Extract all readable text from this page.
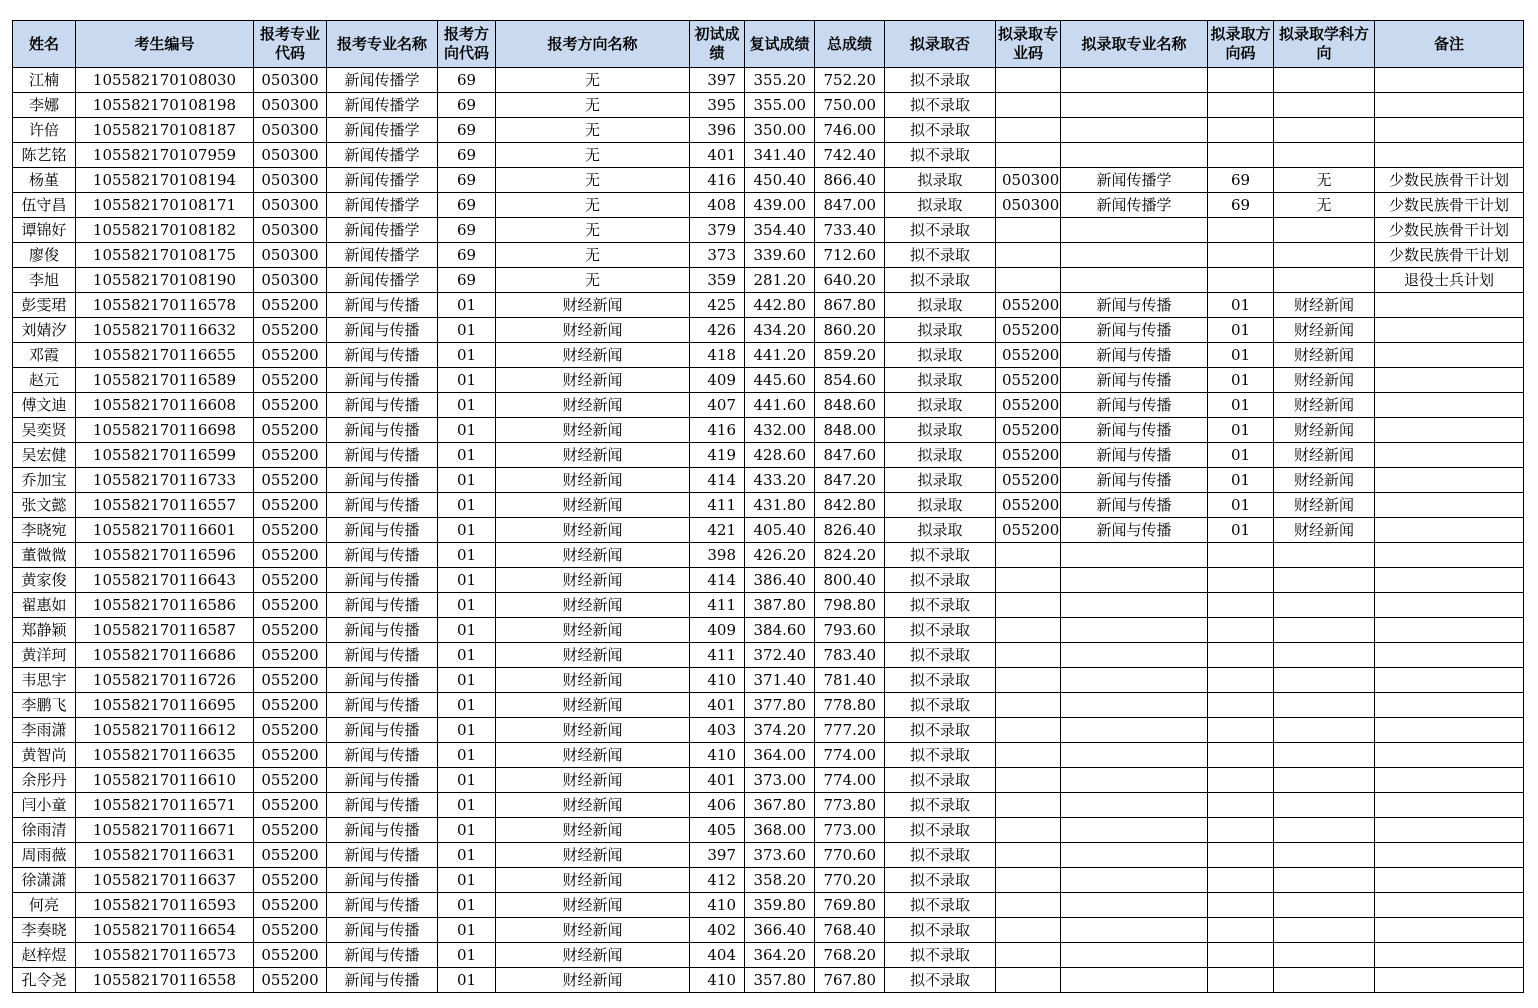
姓名	考生编号	报考专业代码	报考专业名称	报考方向代码	报考方向名称	初试成绩	复试成绩	总成绩	拟录取否	拟录取专业码	拟录取专业名称	拟录取方向码	拟录取学科方向	备注
江楠	105582170108030	050300	新闻传播学	69	无	397	355.20	752.20	拟不录取					
李娜	105582170108198	050300	新闻传播学	69	无	395	355.00	750.00	拟不录取					
许倍	105582170108187	050300	新闻传播学	69	无	396	350.00	746.00	拟不录取					
陈艺铭	105582170107959	050300	新闻传播学	69	无	401	341.40	742.40	拟不录取					
杨堇	105582170108194	050300	新闻传播学	69	无	416	450.40	866.40	拟录取	050300	新闻传播学	69	无	少数民族骨干计划
伍守昌	105582170108171	050300	新闻传播学	69	无	408	439.00	847.00	拟录取	050300	新闻传播学	69	无	少数民族骨干计划
谭锦好	105582170108182	050300	新闻传播学	69	无	379	354.40	733.40	拟不录取					少数民族骨干计划
廖俊	105582170108175	050300	新闻传播学	69	无	373	339.60	712.60	拟不录取					少数民族骨干计划
李旭	105582170108190	050300	新闻传播学	69	无	359	281.20	640.20	拟不录取					退役士兵计划
彭雯珺	105582170116578	055200	新闻与传播	01	财经新闻	425	442.80	867.80	拟录取	055200	新闻与传播	01	财经新闻	
刘婧汐	105582170116632	055200	新闻与传播	01	财经新闻	426	434.20	860.20	拟录取	055200	新闻与传播	01	财经新闻	
邓霞	105582170116655	055200	新闻与传播	01	财经新闻	418	441.20	859.20	拟录取	055200	新闻与传播	01	财经新闻	
赵元	105582170116589	055200	新闻与传播	01	财经新闻	409	445.60	854.60	拟录取	055200	新闻与传播	01	财经新闻	
傅文迪	105582170116608	055200	新闻与传播	01	财经新闻	407	441.60	848.60	拟录取	055200	新闻与传播	01	财经新闻	
吴奕贤	105582170116698	055200	新闻与传播	01	财经新闻	416	432.00	848.00	拟录取	055200	新闻与传播	01	财经新闻	
吴宏健	105582170116599	055200	新闻与传播	01	财经新闻	419	428.60	847.60	拟录取	055200	新闻与传播	01	财经新闻	
乔加宝	105582170116733	055200	新闻与传播	01	财经新闻	414	433.20	847.20	拟录取	055200	新闻与传播	01	财经新闻	
张文懿	105582170116557	055200	新闻与传播	01	财经新闻	411	431.80	842.80	拟录取	055200	新闻与传播	01	财经新闻	
李晓宛	105582170116601	055200	新闻与传播	01	财经新闻	421	405.40	826.40	拟录取	055200	新闻与传播	01	财经新闻	
董微微	105582170116596	055200	新闻与传播	01	财经新闻	398	426.20	824.20	拟不录取					
黄家俊	105582170116643	055200	新闻与传播	01	财经新闻	414	386.40	800.40	拟不录取					
翟惠如	105582170116586	055200	新闻与传播	01	财经新闻	411	387.80	798.80	拟不录取					
郑静颖	105582170116587	055200	新闻与传播	01	财经新闻	409	384.60	793.60	拟不录取					
黄洋珂	105582170116686	055200	新闻与传播	01	财经新闻	411	372.40	783.40	拟不录取					
韦思宇	105582170116726	055200	新闻与传播	01	财经新闻	410	371.40	781.40	拟不录取					
李鹏飞	105582170116695	055200	新闻与传播	01	财经新闻	401	377.80	778.80	拟不录取					
李雨潇	105582170116612	055200	新闻与传播	01	财经新闻	403	374.20	777.20	拟不录取					
黄智尚	105582170116635	055200	新闻与传播	01	财经新闻	410	364.00	774.00	拟不录取					
余彤丹	105582170116610	055200	新闻与传播	01	财经新闻	401	373.00	774.00	拟不录取					
闫小童	105582170116571	055200	新闻与传播	01	财经新闻	406	367.80	773.80	拟不录取					
徐雨清	105582170116671	055200	新闻与传播	01	财经新闻	405	368.00	773.00	拟不录取					
周雨薇	105582170116631	055200	新闻与传播	01	财经新闻	397	373.60	770.60	拟不录取					
徐潇潇	105582170116637	055200	新闻与传播	01	财经新闻	412	358.20	770.20	拟不录取					
何亮	105582170116593	055200	新闻与传播	01	财经新闻	410	359.80	769.80	拟不录取					
李奏晓	105582170116654	055200	新闻与传播	01	财经新闻	402	366.40	768.40	拟不录取					
赵梓煜	105582170116573	055200	新闻与传播	01	财经新闻	404	364.20	768.20	拟不录取					
孔令尧	105582170116558	055200	新闻与传播	01	财经新闻	410	357.80	767.80	拟不录取					
